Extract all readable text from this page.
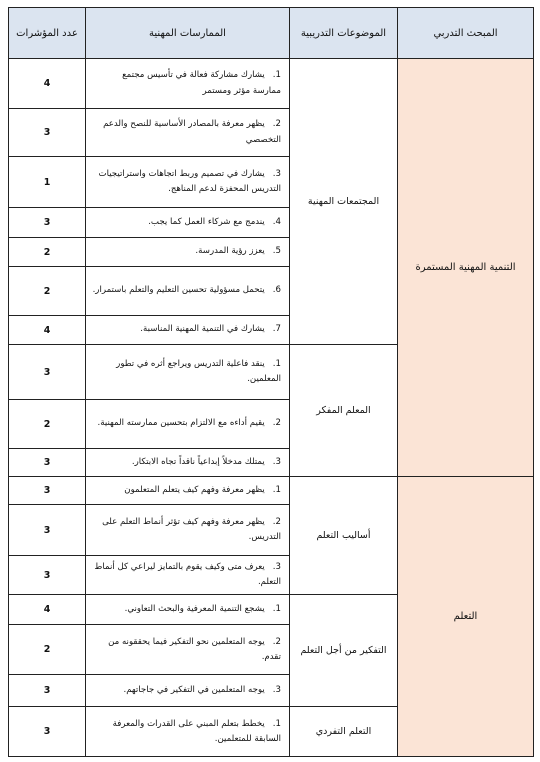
المبحث التدربي	الموضوعات التدريبية	الممارسات المهنية	عدد المؤشرات
التنمية المهنية المستمرة	المجتمعات المهنية	1.يشارك مشاركة فعالة في تأسيس مجتمع ممارسة مؤثر ومستمر	4
		2.يظهر معرفة بالمصادر الأساسية للنصح والدعم التخصصي	3
		3.يشارك في تصميم وربط اتجاهات واستراتيجيات التدريس المحفزة لدعم المناهج.	1
		4.يندمج مع شركاء العمل كما يجب.	3
		5.يعزز رؤية المدرسة.	2
		6.يتحمل مسؤولية تحسين التعليم والتعلم باستمرار.	2
		7.يشارك في التنمية المهنية المناسبة.	4
	المعلم المفكر	1.ينقد فاعلية التدريس ويراجع أثره في تطور المعلمين.	3
		2.يقيم أداءه مع الالتزام بتحسين ممارسته المهنية.	2
		3.يمتلك مدخلاً إبداعياً ناقداً تجاه الابتكار.	3
التعلم	أساليب التعلم	1.يظهر معرفة وفهم كيف يتعلم المتعلمون	3
		2.يظهر معرفة وفهم كيف تؤثر أنماط التعلم على التدريس.	3
		3.يعرف متى وكيف يقوم بالتمايز ليراعي كل أنماط التعلم.	3
	التفكير من أجل التعلم	1.يشجع التنمية المعرفية والبحث التعاوني.	4
		2.يوجه المتعلمين نحو التفكير فيما يحققونه من تقدم.	2
		3.يوجه المتعلمين في التفكير في جاجاتهم.	3
	التعلم التفردي	1.يخطط بتعلم المبني على القدرات والمعرفة السابقة للمتعلمين.	3
